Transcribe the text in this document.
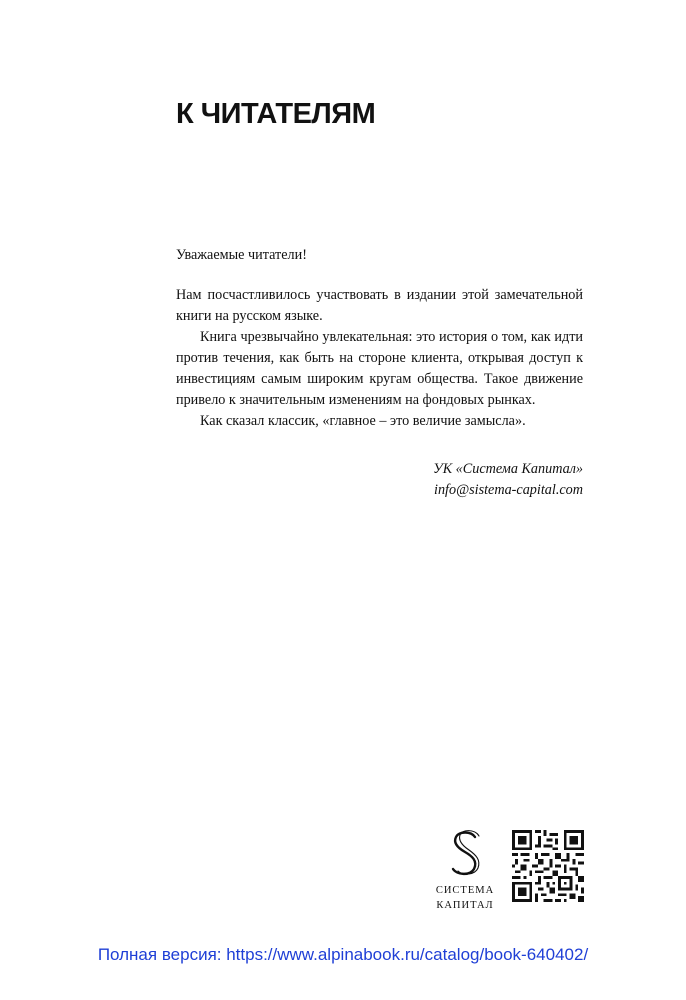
К ЧИТАТЕЛЯМ
Уважаемые читатели!

Нам посчастливилось участвовать в издании этой замечательной книги на русском языке.

Книга чрезвычайно увлекательная: это история о том, как идти против течения, как быть на стороне клиента, открывая доступ к инвестициям самым широким кругам общества. Такое движение привело к значительным изменениям на фондовых рынках.

Как сказал классик, «главное – это величие замысла».

УК «Система Капитал»
info@sistema-capital.com
СИСТЕМА
КАПИТАЛ
Полная версия: https://www.alpinabook.ru/catalog/book-640402/
